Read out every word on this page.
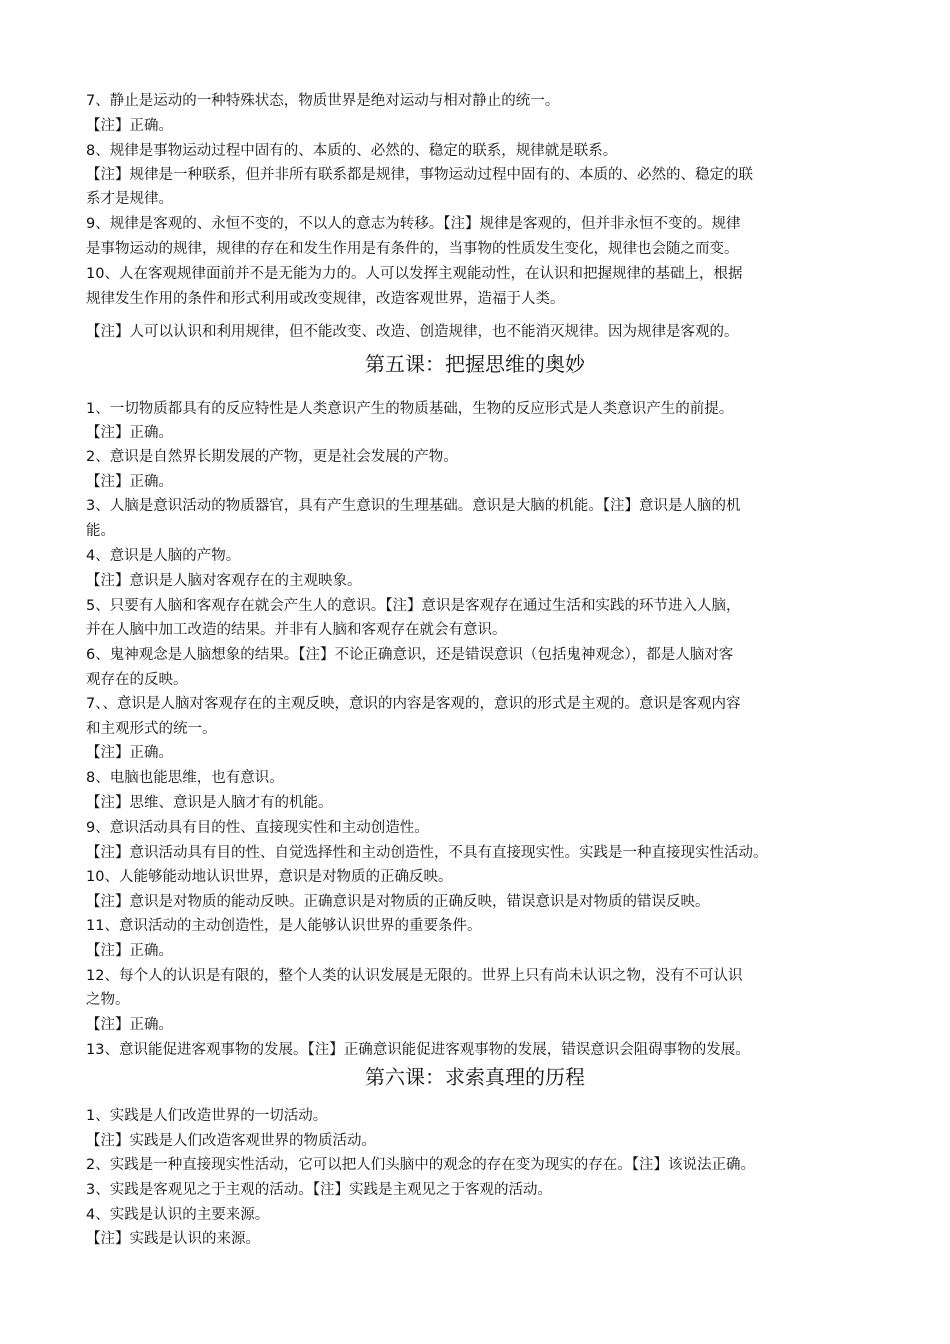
7、静止是运动的一种特殊状态，物质世界是绝对运动与相对静止的统一。
【注】正确。
8、规律是事物运动过程中固有的、本质的、必然的、稳定的联系，规律就是联系。
【注】规律是一种联系，但并非所有联系都是规律，事物运动过程中固有的、本质的、必然的、稳定的联
系才是规律。
9、规律是客观的、永恒不变的，不以人的意志为转移。【注】规律是客观的，但并非永恒不变的。规律
是事物运动的规律，规律的存在和发生作用是有条件的，当事物的性质发生变化，规律也会随之而变。
10、人在客观规律面前并不是无能为力的。人可以发挥主观能动性，在认识和把握规律的基础上，根据
规律发生作用的条件和形式利用或改变规律，改造客观世界，造福于人类。
【注】人可以认识和利用规律，但不能改变、改造、创造规律，也不能消灭规律。因为规律是客观的。
第五课：把握思维的奥妙
1、一切物质都具有的反应特性是人类意识产生的物质基础，生物的反应形式是人类意识产生的前提。
【注】正确。
2、意识是自然界长期发展的产物，更是社会发展的产物。
【注】正确。
3、人脑是意识活动的物质器官，具有产生意识的生理基础。意识是大脑的机能。【注】意识是人脑的机
能。
4、意识是人脑的产物。
【注】意识是人脑对客观存在的主观映象。
5、只要有人脑和客观存在就会产生人的意识。【注】意识是客观存在通过生活和实践的环节进入人脑，
并在人脑中加工改造的结果。并非有人脑和客观存在就会有意识。
6、鬼神观念是人脑想象的结果。【注】不论正确意识，还是错误意识（包括鬼神观念），都是人脑对客
观存在的反映。
7、、意识是人脑对客观存在的主观反映，意识的内容是客观的，意识的形式是主观的。意识是客观内容
和主观形式的统一。
【注】正确。
8、电脑也能思维，也有意识。
【注】思维、意识是人脑才有的机能。
9、意识活动具有目的性、直接现实性和主动创造性。
【注】意识活动具有目的性、自觉选择性和主动创造性，不具有直接现实性。实践是一种直接现实性活动。
10、人能够能动地认识世界，意识是对物质的正确反映。
【注】意识是对物质的能动反映。正确意识是对物质的正确反映，错误意识是对物质的错误反映。
11、意识活动的主动创造性，是人能够认识世界的重要条件。
【注】正确。
12、每个人的认识是有限的，整个人类的认识发展是无限的。世界上只有尚未认识之物，没有不可认识
之物。
【注】正确。
13、意识能促进客观事物的发展。【注】正确意识能促进客观事物的发展，错误意识会阻碍事物的发展。
第六课：求索真理的历程
1、实践是人们改造世界的一切活动。
【注】实践是人们改造客观世界的物质活动。
2、实践是一种直接现实性活动，它可以把人们头脑中的观念的存在变为现实的存在。【注】该说法正确。
3、实践是客观见之于主观的活动。【注】实践是主观见之于客观的活动。
4、实践是认识的主要来源。
【注】实践是认识的来源。
